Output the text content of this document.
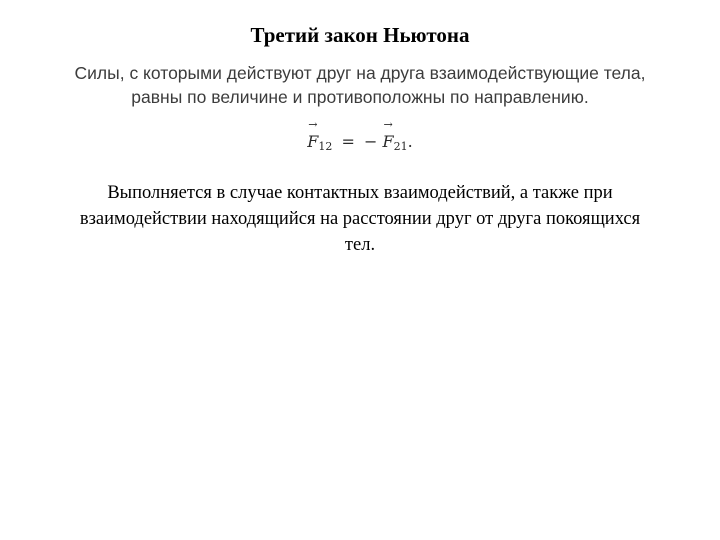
Третий закон Ньютона
Силы, с которыми действуют друг на друга взаимодействующие тела,
равны по величине и противоположны по направлению.
→
$F_{12}$ = −
→
$F_{21}$.
Выполняется в случае контактных взаимодействий, а также при
взаимодействии находящийся на расстоянии друг от друга покоящихся
тел.
